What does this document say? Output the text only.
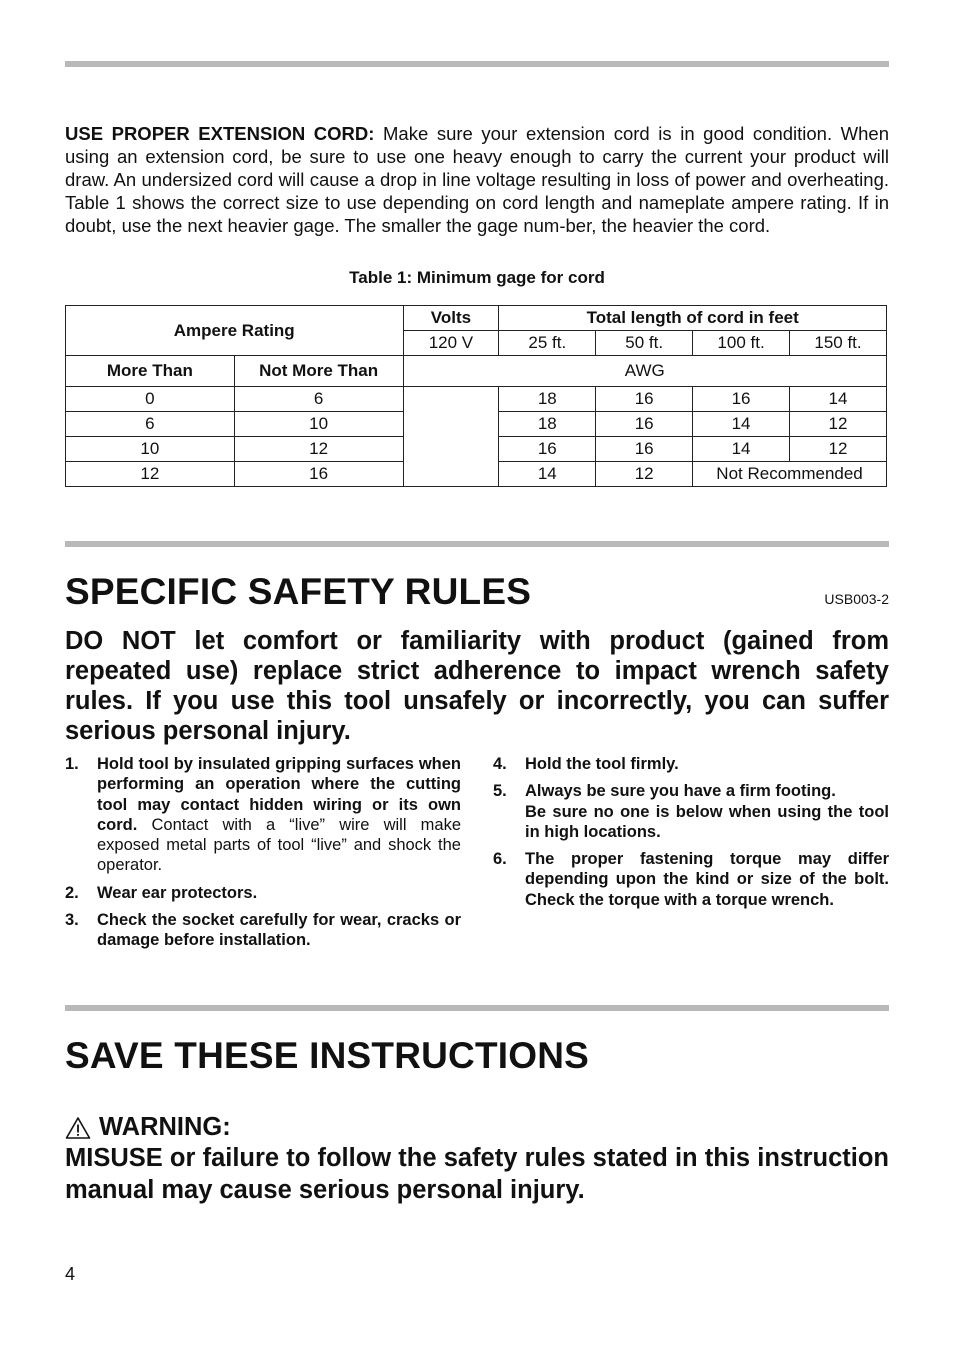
USE PROPER EXTENSION CORD: Make sure your extension cord is in good condition. When using an extension cord, be sure to use one heavy enough to carry the current your product will draw. An undersized cord will cause a drop in line voltage resulting in loss of power and overheating. Table 1 shows the correct size to use depending on cord length and nameplate ampere rating. If in doubt, use the next heavier gage. The smaller the gage num-ber, the heavier the cord.

Table 1: Minimum gage for cord
Ampere Rating		Volts	Total length of cord in feet			
		120 V	25 ft.	50 ft.	100 ft.	150 ft.
More Than	Not More Than	AWG				
0	6		18	16	16	14
6	10		18	16	14	12
10	12		16	16	14	12
12	16		14	12	Not Recommended	
SPECIFIC SAFETY RULES	USB003-2

DO NOT let comfort or familiarity with product (gained from repeated use) replace strict adherence to impact wrench safety rules. If you use this tool unsafely or incorrectly, you can suffer serious personal injury.

1. Hold tool by insulated gripping surfaces when performing an operation where the cutting tool may contact hidden wiring or its own cord. Contact with a “live” wire will make exposed metal parts of tool “live” and shock the operator.
2. Wear ear protectors.
3. Check the socket carefully for wear, cracks or damage before installation.
4. Hold the tool firmly.
5. Always be sure you have a firm footing.
Be sure no one is below when using the tool in high locations.
6. The proper fastening torque may differ depending upon the kind or size of the bolt. Check the torque with a torque wrench.
SAVE THESE INSTRUCTIONS
WARNING:

MISUSE or failure to follow the safety rules stated in this instruction manual may cause serious personal injury.

4
